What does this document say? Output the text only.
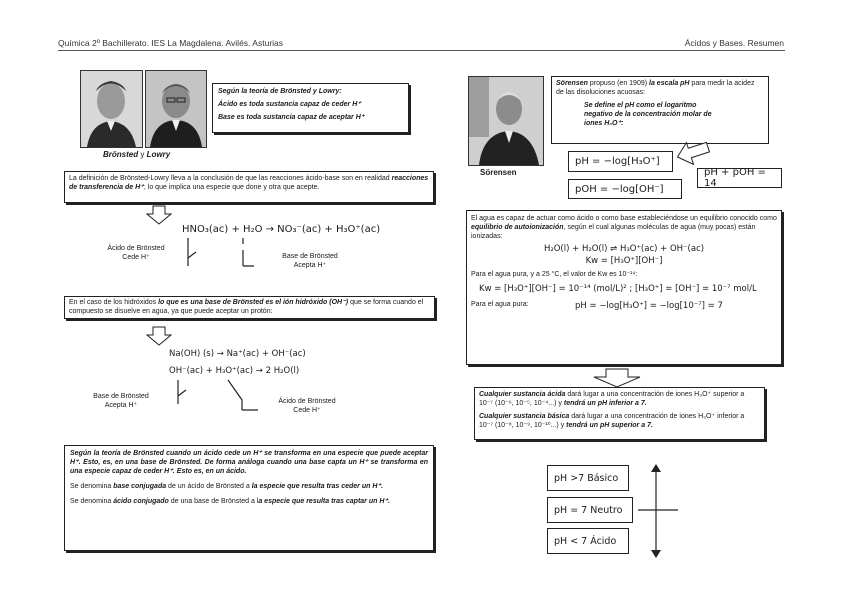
Química 2º Bachillerato. IES La Magdalena. Avilés. Asturias	Ácidos y Bases. Resumen
Brönsted y Lowry

Según la teoría de Brönsted y Lowry:

Ácido es toda sustancia capaz de ceder H⁺

Base es toda sustancia capaz de aceptar H⁺

La definición de Brönsted-Lowry lleva a la conclusión de que las reacciones ácido-base son en realidad reacciones de transferencia de H⁺, lo que implica una especie que done y otra que acepte.
HNO₃(ac) + H₂O → NO₃⁻(ac) + H₃O⁺(ac)
Ácido de Brönsted
Cede H⁺	Base de Brönsted
Acepta H⁺
En el caso de los hidróxidos lo que es una base de Brönsted es el ión hidróxido (OH⁻) que se forma cuando el compuesto se disuelve en agua, ya que puede aceptar un protón:
Na(OH) (s) → Na⁺(ac) + OH⁻(ac)
OH⁻(ac) + H₃O⁺(ac) → 2 H₂O(l)
Base de Brönsted
Acepta H⁺
Ácido de Brönsted
Cede H⁺

Según la teoría de Brönsted cuando un ácido cede un H⁺ se transforma en una especie que puede aceptar H⁺. Esto, es, en una base de Brönsted. De forma análoga cuando una base capta un H⁺ se transforma en una especie capaz de ceder H⁺. Esto es, en un ácido.

Se denomina base conjugada de un ácido de Brönsted a la especie que resulta tras ceder un H⁺.

Se denomina ácido conjugado de una base de Brönsted a la especie que resulta tras captar un H⁺.

Sörensen
Sörensen propuso (en 1909) la escala pH para medir la acidez de las disoluciones acuosas:
Se define el pH como el logaritmo
negativo de la concentración molar de
iones H₃O⁺:
pH = −log[H₃O⁺]
pOH = −log[OH⁻]
pH + pOH = 14

El agua es capaz de actuar como ácido o como base estableciéndose un equilibrio conocido como equilibrio de autoionización, según el cual algunas moléculas de agua (muy pocas) están ionizadas:

H₂O(l) + H₂O(l) ⇌ H₃O⁺(ac) + OH⁻(ac)
Kw = [H₃O⁺][OH⁻]

Para el agua pura, y a 25 °C, el valor de Kw es 10⁻¹⁴:

Kw = [H₃O⁺][OH⁻] = 10⁻¹⁴ (mol/L)² ; [H₃O⁺] = [OH⁻] = 10⁻⁷ mol/L
Para el agua pura:	pH = −log[H₃O⁺] = −log[10⁻⁷] = 7

Cualquier sustancia ácida dará lugar a una concentración de iones H₃O⁺ superior a 10⁻⁷ (10⁻⁶, 10⁻⁵, 10⁻⁴...) y tendrá un pH inferior a 7.

Cualquier sustancia básica dará lugar a una concentración de iones H₃O⁺ inferior a 10⁻⁷ (10⁻⁸, 10⁻⁹, 10⁻¹⁰...) y tendrá un pH superior a 7.

pH >7 Básico
pH = 7 Neutro
pH < 7 Ácido
